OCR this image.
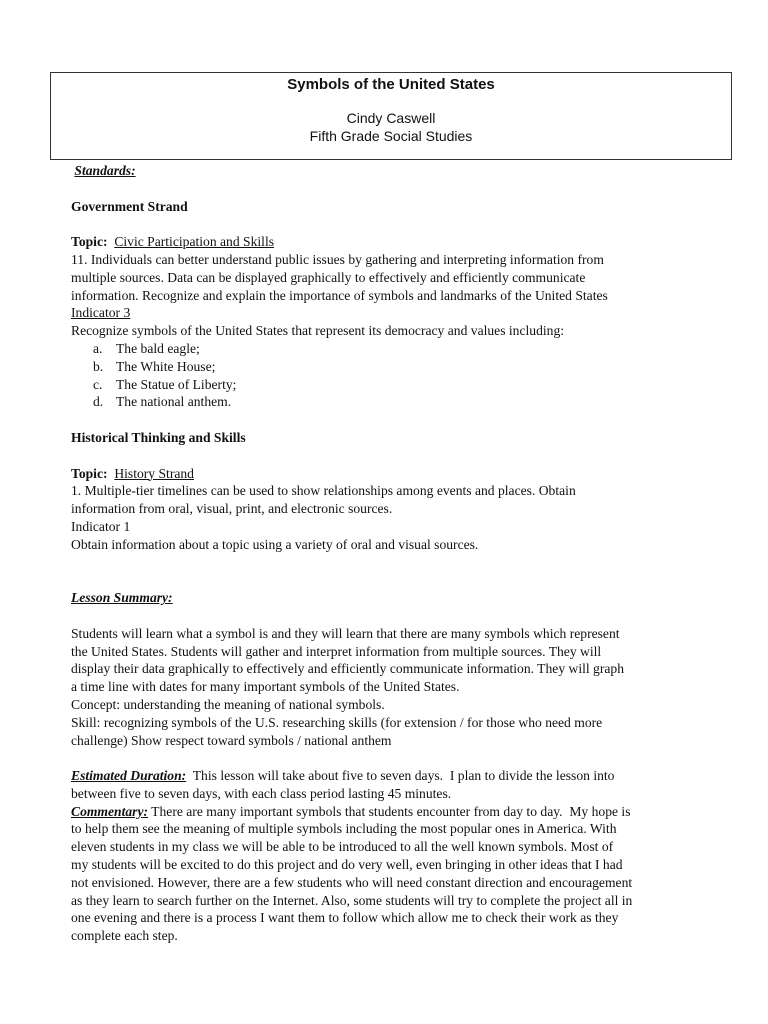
Symbols of the United States
Cindy Caswell
Fifth Grade Social Studies
Standards:
Government Strand
Topic: Civic Participation and Skills
11. Individuals can better understand public issues by gathering and interpreting information from
multiple sources. Data can be displayed graphically to effectively and efficiently communicate
information. Recognize and explain the importance of symbols and landmarks of the United States
Indicator 3
Recognize symbols of the United States that represent its democracy and values including:
a. The bald eagle;
b. The White House;
c. The Statue of Liberty;
d. The national anthem.
Historical Thinking and Skills
Topic: History Strand
1. Multiple-tier timelines can be used to show relationships among events and places. Obtain
information from oral, visual, print, and electronic sources.
Indicator 1
Obtain information about a topic using a variety of oral and visual sources.
Lesson Summary:
Students will learn what a symbol is and they will learn that there are many symbols which represent
the United States. Students will gather and interpret information from multiple sources. They will
display their data graphically to effectively and efficiently communicate information. They will graph
a time line with dates for many important symbols of the United States.
Concept: understanding the meaning of national symbols.
Skill: recognizing symbols of the U.S. researching skills (for extension / for those who need more
challenge) Show respect toward symbols / national anthem
Estimated Duration:  This lesson will take about five to seven days.  I plan to divide the lesson into
between five to seven days, with each class period lasting 45 minutes.
Commentary: There are many important symbols that students encounter from day to day.  My hope is
to help them see the meaning of multiple symbols including the most popular ones in America. With
eleven students in my class we will be able to be introduced to all the well known symbols. Most of
my students will be excited to do this project and do very well, even bringing in other ideas that I had
not envisioned. However, there are a few students who will need constant direction and encouragement
as they learn to search further on the Internet. Also, some students will try to complete the project all in
one evening and there is a process I want them to follow which allow me to check their work as they
complete each step.
